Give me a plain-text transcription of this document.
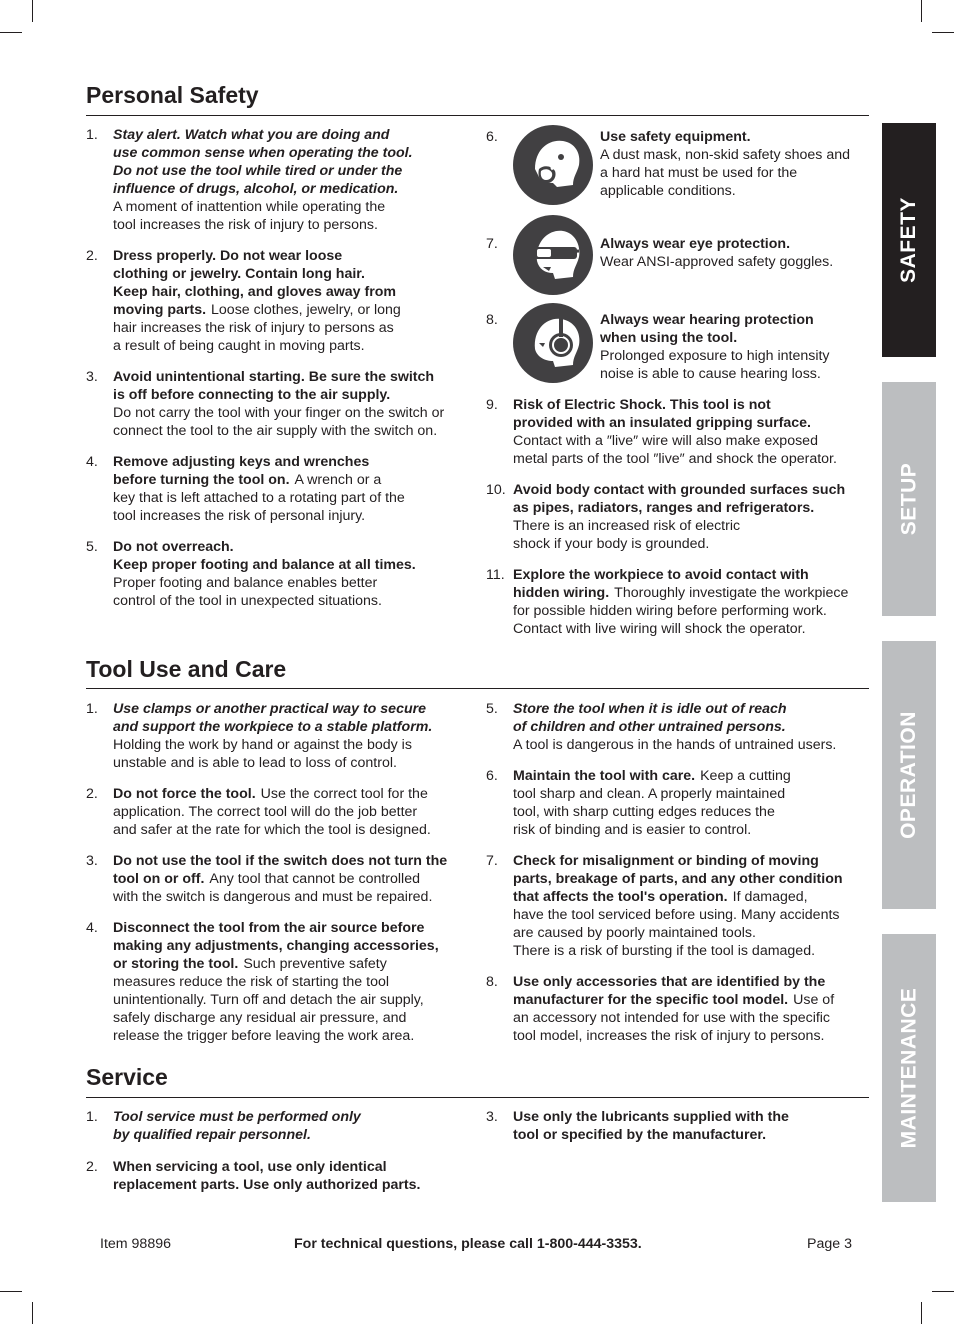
Personal Safety
Tool Use and Care
Service
1. Stay alert. Watch what you are doing and
use common sense when operating the tool.
Do not use the tool while tired or under the
influence of drugs, alcohol, or medication.
A moment of inattention while operating the
tool increases the risk of injury to persons.
2. Dress properly. Do not wear loose
clothing or jewelry. Contain long hair.
Keep hair, clothing, and gloves away from
moving parts. Loose clothes, jewelry, or long
hair increases the risk of injury to persons as
a result of being caught in moving parts.
3. Avoid unintentional starting. Be sure the switch
is off before connecting to the air supply.
Do not carry the tool with your finger on the switch or
connect the tool to the air supply with the switch on.
4. Remove adjusting keys and wrenches
before turning the tool on. A wrench or a
key that is left attached to a rotating part of the
tool increases the risk of personal injury.
5. Do not overreach.
Keep proper footing and balance at all times.
Proper footing and balance enables better
control of the tool in unexpected situations.
6.	Use safety equipment.
A dust mask, non-skid safety shoes and
a hard hat must be used for the
applicable conditions.
7.	Always wear eye protection.
Wear ANSI-approved safety goggles.
8.	Always wear hearing protection
when using the tool.
Prolonged exposure to high intensity
noise is able to cause hearing loss.
9. Risk of Electric Shock. This tool is not
provided with an insulated gripping surface.
Contact with a ″live″ wire will also make exposed
metal parts of the tool ″live″ and shock the operator.
10. Avoid body contact with grounded surfaces such
as pipes, radiators, ranges and refrigerators.
There is an increased risk of electric
shock if your body is grounded.
11. Explore the workpiece to avoid contact with
hidden wiring. Thoroughly investigate the workpiece
for possible hidden wiring before performing work.
Contact with live wiring will shock the operator.
1. Use clamps or another practical way to secure
and support the workpiece to a stable platform.
Holding the work by hand or against the body is
unstable and is able to lead to loss of control.
2. Do not force the tool. Use the correct tool for the
application. The correct tool will do the job better
and safer at the rate for which the tool is designed.
3. Do not use the tool if the switch does not turn the
tool on or off. Any tool that cannot be controlled
with the switch is dangerous and must be repaired.
4. Disconnect the tool from the air source before
making any adjustments, changing accessories,
or storing the tool. Such preventive safety
measures reduce the risk of starting the tool
unintentionally. Turn off and detach the air supply,
safely discharge any residual air pressure, and
release the trigger before leaving the work area.
5. Store the tool when it is idle out of reach
of children and other untrained persons.
A tool is dangerous in the hands of untrained users.
6. Maintain the tool with care. Keep a cutting
tool sharp and clean. A properly maintained
tool, with sharp cutting edges reduces the
risk of binding and is easier to control.
7. Check for misalignment or binding of moving
parts, breakage of parts, and any other condition
that affects the tool's operation. If damaged,
have the tool serviced before using. Many accidents
are caused by poorly maintained tools.
There is a risk of bursting if the tool is damaged.
8. Use only accessories that are identified by the
manufacturer for the specific tool model. Use of
an accessory not intended for use with the specific
tool model, increases the risk of injury to persons.
1. Tool service must be performed only
by qualified repair personnel.
2. When servicing a tool, use only identical
replacement parts. Use only authorized parts.
3. Use only the lubricants supplied with the
tool or specified by the manufacturer.
SAFETY
SETUP
OPERATION
MAINTENANCE
Item 98896	For technical questions, please call 1-800-444-3353.	Page 3
